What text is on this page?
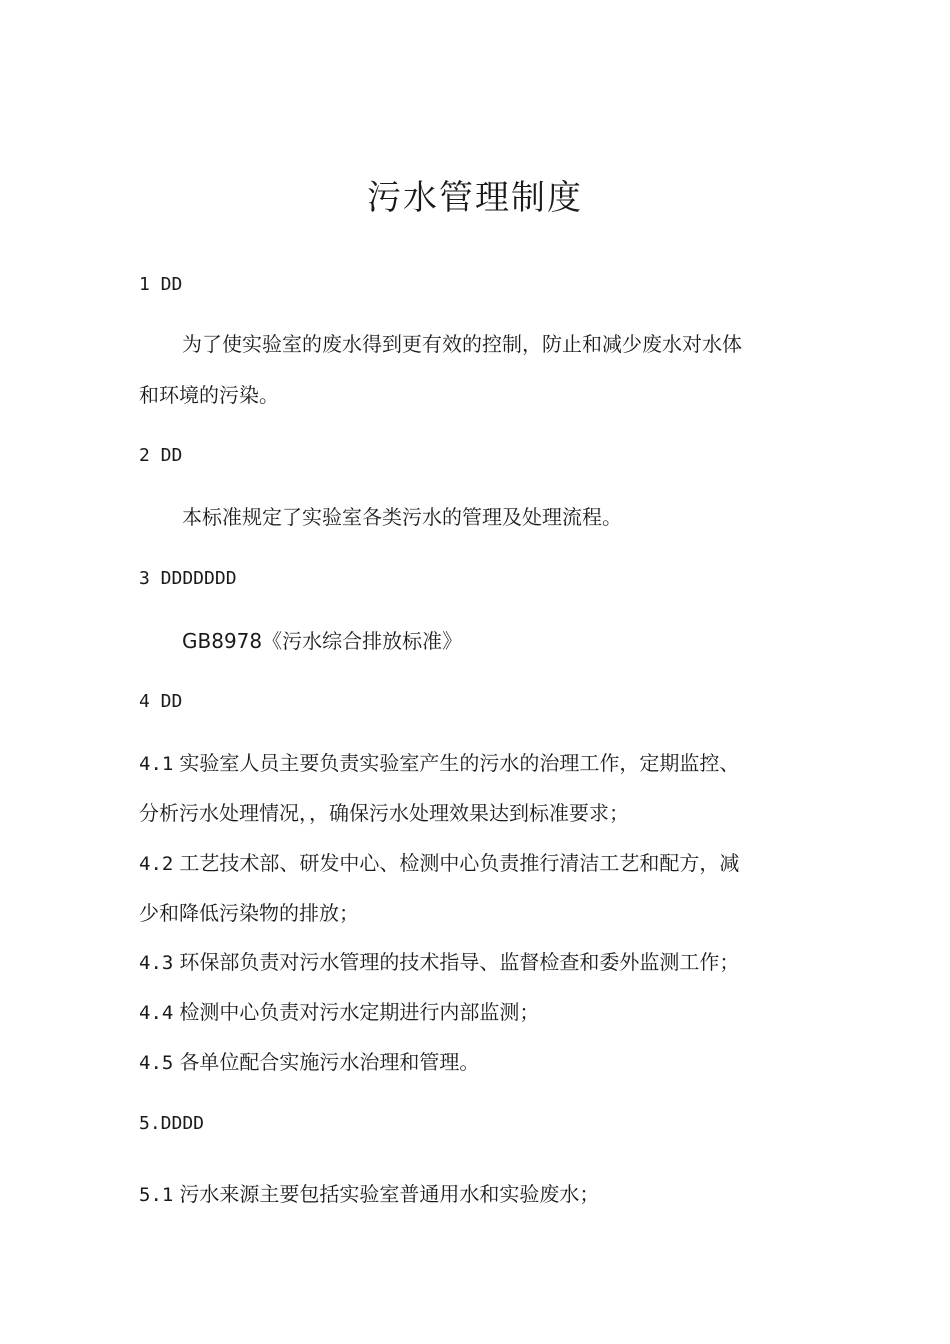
污水管理制度
1 DD
为了使实验室的废水得到更有效的控制，防止和减少废水对水体
和环境的污染。
2 DD
本标准规定了实验室各类污水的管理及处理流程。
3 DDDDDDD
GB8978《污水综合排放标准》
4 DD
4.1 实验室人员主要负责实验室产生的污水的治理工作，定期监控、
分析污水处理情况，，确保污水处理效果达到标准要求；
4.2 工艺技术部、研发中心、检测中心负责推行清洁工艺和配方，减
少和降低污染物的排放；
4.3 环保部负责对污水管理的技术指导、监督检查和委外监测工作；
4.4 检测中心负责对污水定期进行内部监测；
4.5 各单位配合实施污水治理和管理。
5.DDDD
5.1 污水来源主要包括实验室普通用水和实验废水；
